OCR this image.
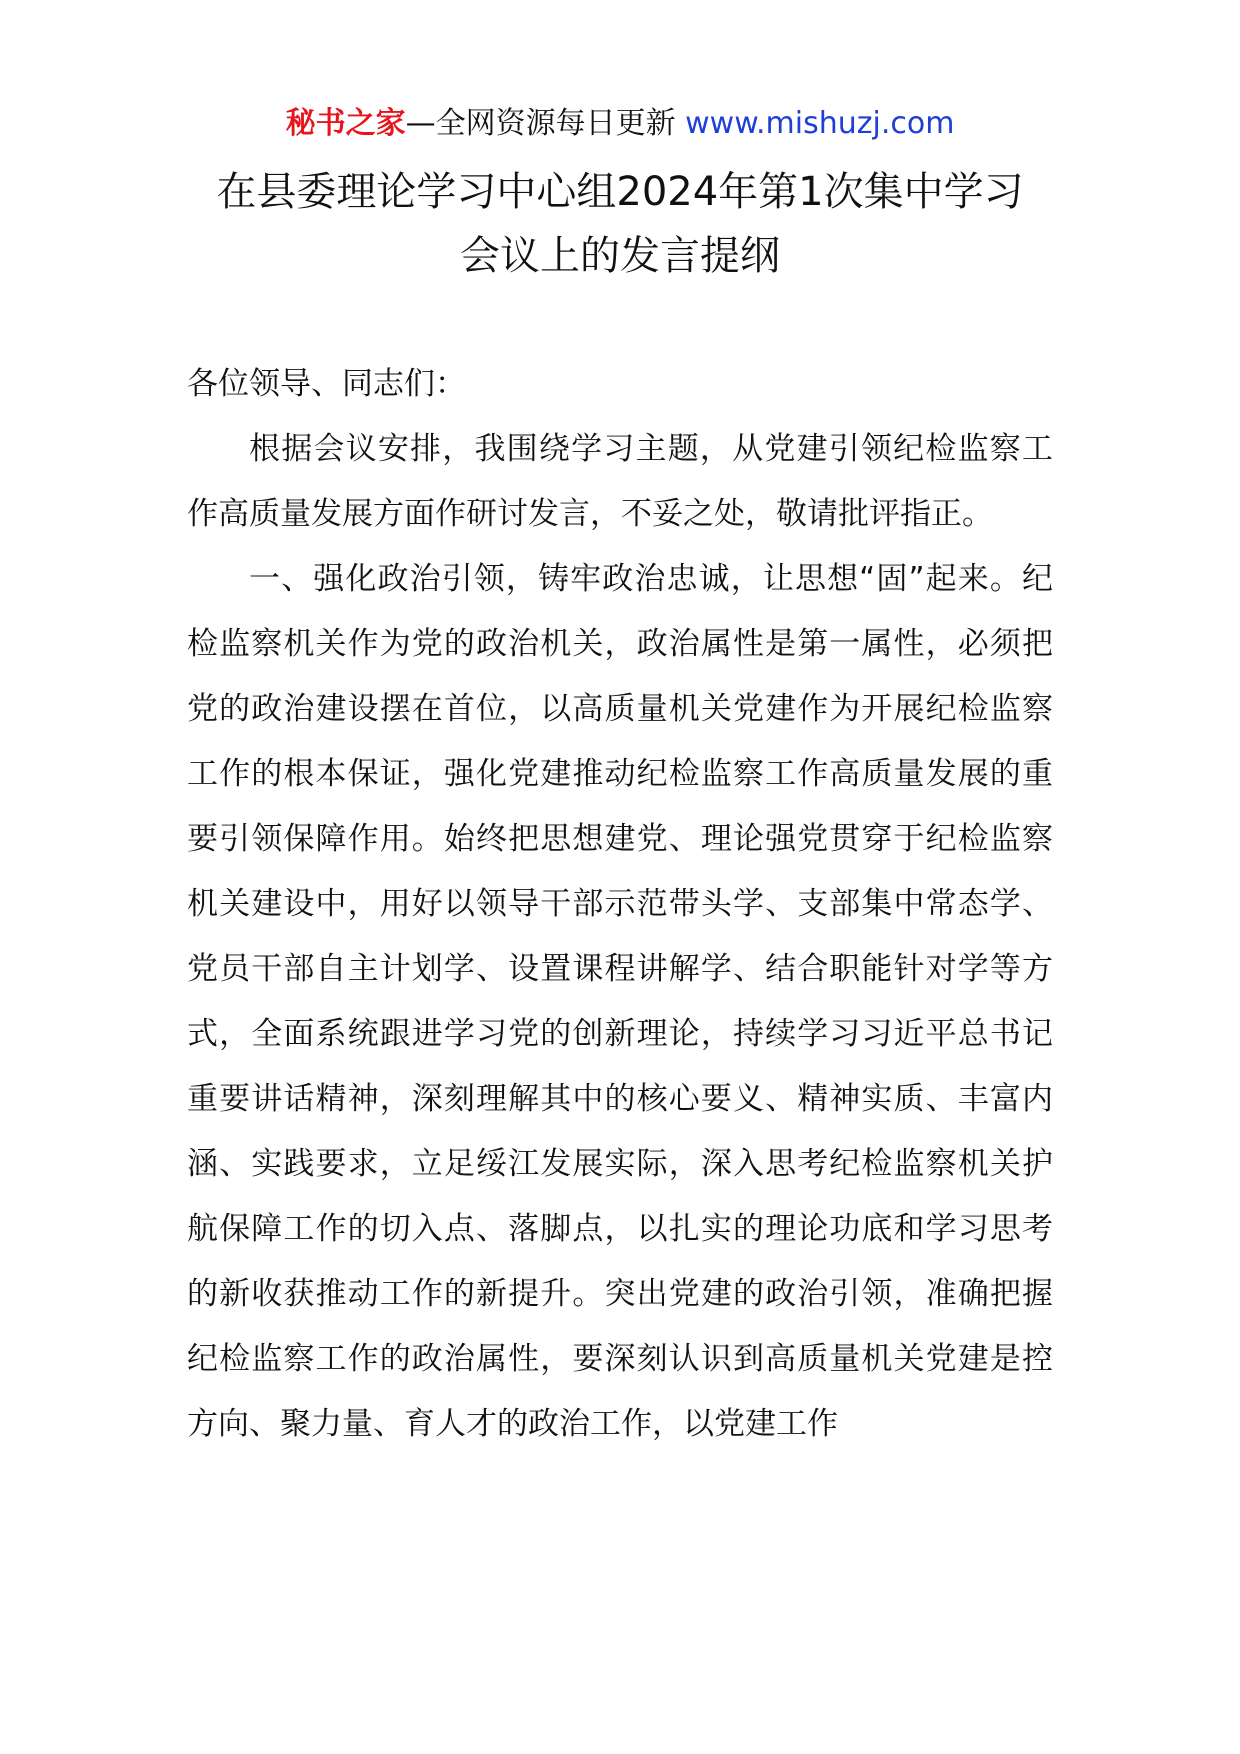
秘书之家—全网资源每日更新 www.mishuzj.com
在县委理论学习中心组2024年第1次集中学习
会议上的发言提纲

各位领导、同志们：

根据会议安排，我围绕学习主题，从党建引领纪检监察工作高质量发展方面作研讨发言，不妥之处，敬请批评指正。

一、强化政治引领，铸牢政治忠诚，让思想“固”起来。纪检监察机关作为党的政治机关，政治属性是第一属性，必须把党的政治建设摆在首位，以高质量机关党建作为开展纪检监察工作的根本保证，强化党建推动纪检监察工作高质量发展的重要引领保障作用。始终把思想建党、理论强党贯穿于纪检监察机关建设中，用好以领导干部示范带头学、支部集中常态学、党员干部自主计划学、设置课程讲解学、结合职能针对学等方式，全面系统跟进学习党的创新理论，持续学习习近平总书记重要讲话精神，深刻理解其中的核心要义、精神实质、丰富内涵、实践要求，立足绥江发展实际，深入思考纪检监察机关护航保障工作的切入点、落脚点，以扎实的理论功底和学习思考的新收获推动工作的新提升。突出党建的政治引领，准确把握纪检监察工作的政治属性，要深刻认识到高质量机关党建是控方向、聚力量、育人才的政治工作，以党建工作
